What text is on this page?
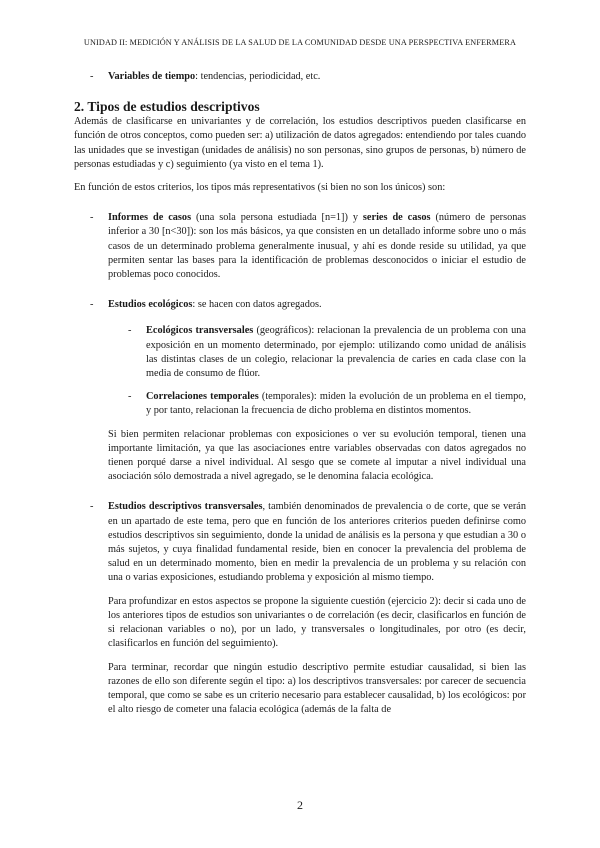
UNIDAD II: MEDICIÓN Y ANÁLISIS DE LA SALUD DE LA COMUNIDAD DESDE UNA PERSPECTIVA ENFERMERA
- Variables de tiempo: tendencias, periodicidad, etc.
2. Tipos de estudios descriptivos

Además de clasificarse en univariantes y de correlación, los estudios descriptivos pueden clasificarse en función de otros conceptos, como pueden ser: a) utilización de datos agregados: entendiendo por tales cuando las unidades que se investigan (unidades de análisis) no son personas, sino grupos de personas, b) número de personas estudiadas y c) seguimiento (ya visto en el tema 1).

En función de estos criterios, los tipos más representativos (si bien no son los únicos) son:

- Informes de casos (una sola persona estudiada [n=1]) y series de casos (número de personas inferior a 30 [n<30]): son los más básicos, ya que consisten en un detallado informe sobre uno o más casos de un determinado problema generalmente inusual, y ahí es donde reside su utilidad, ya que permiten sentar las bases para la identificación de problemas desconocidos o iniciar el estudio de problemas poco conocidos.
- Estudios ecológicos: se hacen con datos agregados.
- Ecológicos transversales (geográficos): relacionan la prevalencia de un problema con una exposición en un momento determinado, por ejemplo: utilizando como unidad de análisis las distintas clases de un colegio, relacionar la prevalencia de caries en cada clase con la media de consumo de flúor.
- Correlaciones temporales (temporales): miden la evolución de un problema en el tiempo, y por tanto, relacionan la frecuencia de dicho problema en distintos momentos.

Si bien permiten relacionar problemas con exposiciones o ver su evolución temporal, tienen una importante limitación, ya que las asociaciones entre variables observadas con datos agregados no tienen porqué darse a nivel individual. Al sesgo que se comete al imputar a nivel individual una asociación sólo demostrada a nivel agregado, se le denomina falacia ecológica.

- Estudios descriptivos transversales, también denominados de prevalencia o de corte, que se verán en un apartado de este tema, pero que en función de los anteriores criterios pueden definirse como estudios descriptivos sin seguimiento, donde la unidad de análisis es la persona y que estudian a 30 o más sujetos, y cuya finalidad fundamental reside, bien en conocer la prevalencia del problema de salud en un determinado momento, bien en medir la prevalencia de un problema y su relación con una o varias exposiciones, estudiando problema y exposición al mismo tiempo.

Para profundizar en estos aspectos se propone la siguiente cuestión (ejercicio 2): decir si cada uno de los anteriores tipos de estudios son univariantes o de correlación (es decir, clasificarlos en función de si relacionan variables o no), por un lado, y transversales o longitudinales, por otro (es decir, clasificarlos en función del seguimiento).

Para terminar, recordar que ningún estudio descriptivo permite estudiar causalidad, si bien las razones de ello son diferente según el tipo: a) los descriptivos transversales: por carecer de secuencia temporal, que como se sabe es un criterio necesario para establecer causalidad, b) los ecológicos: por el alto riesgo de cometer una falacia ecológica (además de la falta de

2
